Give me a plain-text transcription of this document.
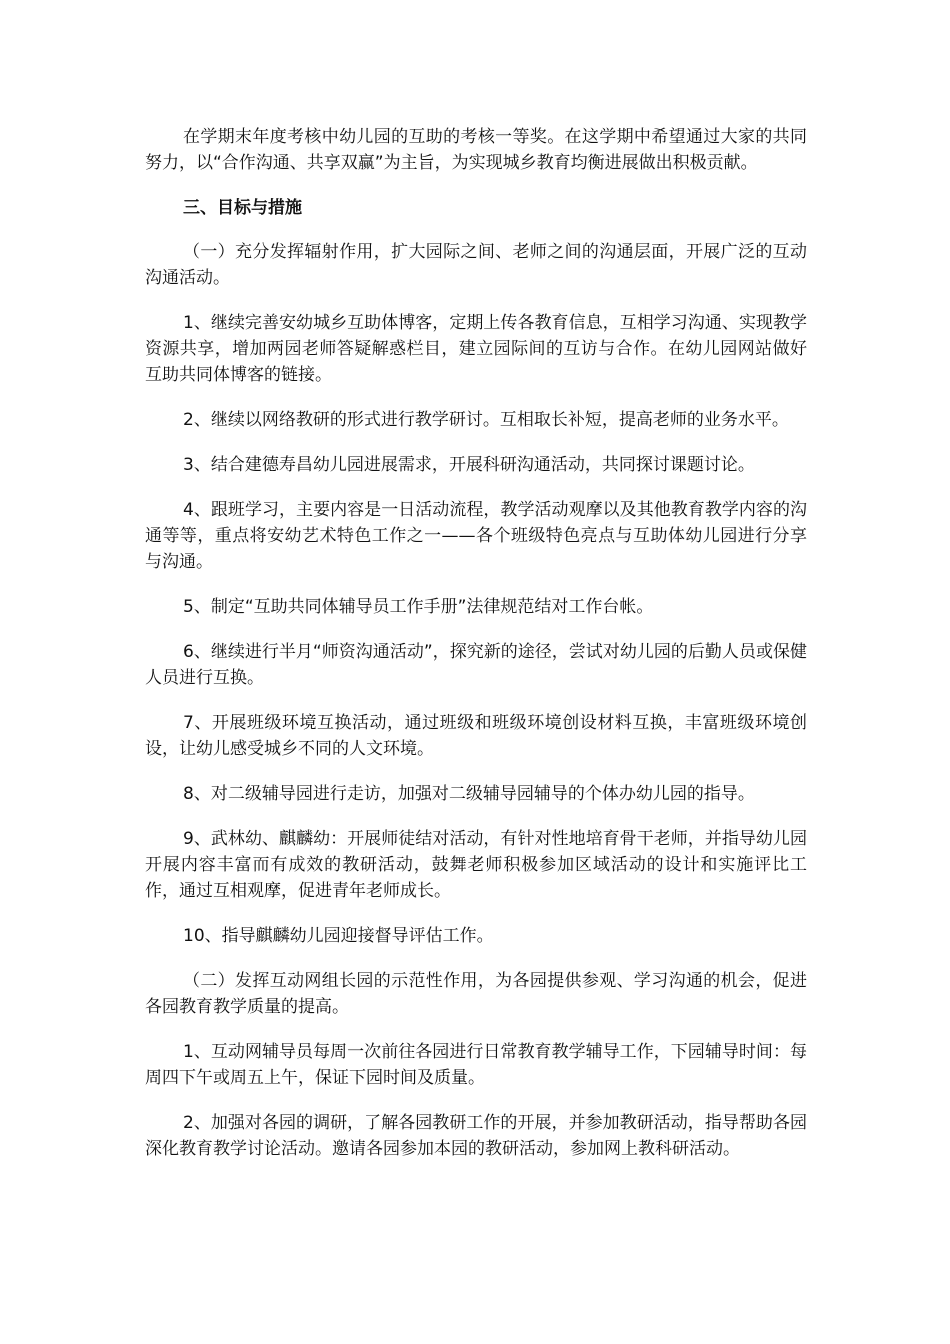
在学期末年度考核中幼儿园的互助的考核一等奖。在这学期中希望通过大家的共同努力，以“合作沟通、共享双赢”为主旨，为实现城乡教育均衡进展做出积极贡献。

三、目标与措施

（一）充分发挥辐射作用，扩大园际之间、老师之间的沟通层面，开展广泛的互动沟通活动。

1、继续完善安幼城乡互助体博客，定期上传各教育信息，互相学习沟通、实现教学资源共享，增加两园老师答疑解惑栏目，建立园际间的互访与合作。在幼儿园网站做好互助共同体博客的链接。

2、继续以网络教研的形式进行教学研讨。互相取长补短，提高老师的业务水平。

3、结合建德寿昌幼儿园进展需求，开展科研沟通活动，共同探讨课题讨论。

4、跟班学习，主要内容是一日活动流程，教学活动观摩以及其他教育教学内容的沟通等等，重点将安幼艺术特色工作之一——各个班级特色亮点与互助体幼儿园进行分享与沟通。

5、制定“互助共同体辅导员工作手册”法律规范结对工作台帐。

6、继续进行半月“师资沟通活动”，探究新的途径，尝试对幼儿园的后勤人员或保健人员进行互换。

7、开展班级环境互换活动，通过班级和班级环境创设材料互换，丰富班级环境创设，让幼儿感受城乡不同的人文环境。

8、对二级辅导园进行走访，加强对二级辅导园辅导的个体办幼儿园的指导。

9、武林幼、麒麟幼：开展师徒结对活动，有针对性地培育骨干老师，并指导幼儿园开展内容丰富而有成效的教研活动，鼓舞老师积极参加区域活动的设计和实施评比工作，通过互相观摩，促进青年老师成长。

10、指导麒麟幼儿园迎接督导评估工作。

（二）发挥互动网组长园的示范性作用，为各园提供参观、学习沟通的机会，促进各园教育教学质量的提高。

1、互动网辅导员每周一次前往各园进行日常教育教学辅导工作，下园辅导时间：每周四下午或周五上午，保证下园时间及质量。

2、加强对各园的调研，了解各园教研工作的开展，并参加教研活动，指导帮助各园深化教育教学讨论活动。邀请各园参加本园的教研活动，参加网上教科研活动。
